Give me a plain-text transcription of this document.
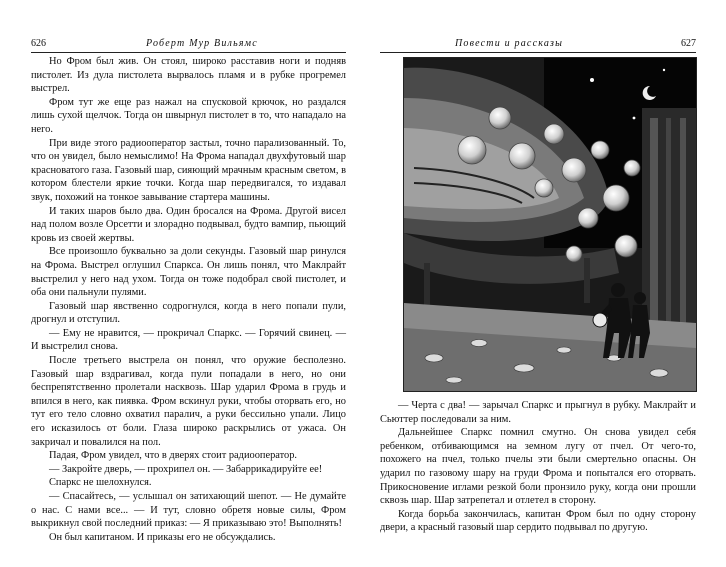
626	Роберт Мур Вильямс

Но Фром был жив. Он стоял, широко расставив ноги и подняв пистолет. Из дула пистолета вырвалось пламя и в рубке прогремел выстрел.

Фром тут же еще раз нажал на спусковой крючок, но раздался лишь сухой щелчок. Тогда он швырнул пистолет в то, что нападало на него.

При виде этого радиооператор застыл, точно парализованный. То, что он увидел, было немыслимо! На Фрома нападал двухфутовый шар красноватого газа. Газовый шар, сияющий мрачным красным светом, в котором блестели яркие точки. Когда шар передвигался, то издавал звук, похожий на тонкое завывание стартера машины.

И таких шаров было два. Один бросался на Фрома. Другой висел над полом возле Орсетти и злорадно подвывал, будто вампир, пьющий кровь из своей жертвы.

Все произошло буквально за доли секунды. Газовый шар ринулся на Фрома. Выстрел оглушил Спаркса. Он лишь понял, что Маклрайт выстрелил у него над ухом. Тогда он тоже подобрал свой пистолет, и оба они пальнули пулями.

Газовый шар явственно содрогнулся, когда в него попали пули, дрогнул и отступил.

— Ему не нравится, — прокричал Спаркс. — Горячий свинец. — И выстрелил снова.

После третьего выстрела он понял, что оружие бесполезно. Газовый шар вздрагивал, когда пули попадали в него, но они беспрепятственно пролетали насквозь. Шар ударил Фрома в грудь и впился в него, как пиявка. Фром вскинул руки, чтобы оторвать его, но тут его тело словно охватил паралич, а руки бессильно упали. Лицо его исказилось от боли. Глаза широко раскрылись от ужаса. Он закричал и повалился на пол.

Падая, Фром увидел, что в дверях стоит радиооператор.

— Закройте дверь, — прохрипел он. — Забаррикадируйте ее!

Спаркс не шелохнулся.

— Спасайтесь, — услышал он затихающий шепот. — Не думайте о нас. С нами все... — И тут, словно обретя новые силы, Фром выкрикнул свой последний приказ: — Я приказываю это! Выполнять!

Он был капитаном. И приказы его не обсуждались.

Повести и рассказы	627

— Черта с два! — зарычал Спаркс и прыгнул в рубку. Маклрайт и Сьюттер последовали за ним.

Дальнейшее Спаркс помнил смутно. Он снова увидел себя ребенком, отбивающимся на земном лугу от пчел. От чего-то, похожего на пчел, только пчелы эти были смертельно опасны. Он ударил по газовому шару на груди Фрома и попытался его оторвать. Прикосновение иглами резкой боли пронзило руку, когда они прошли сквозь шар. Шар затрепетал и отлетел в сторону.

Когда борьба закончилась, капитан Фром был по одну сторону двери, а красный газовый шар сердито подвывал по другую.
